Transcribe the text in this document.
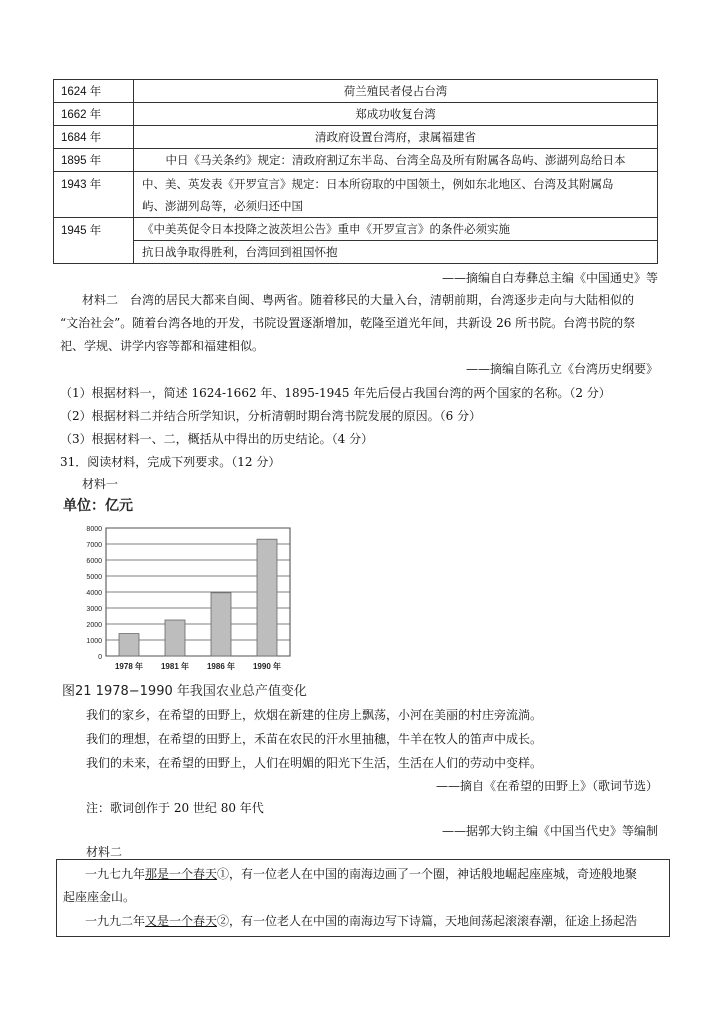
1624 年	荷兰殖民者侵占台湾
1662 年	郑成功收复台湾
1684 年	清政府设置台湾府，隶属福建省
1895 年	中日《马关条约》规定：清政府割辽东半岛、台湾全岛及所有附属各岛屿、澎湖列岛给日本
1943 年	中、美、英发表《开罗宣言》规定：日本所窃取的中国领土，例如东北地区、台湾及其附属岛
屿、澎湖列岛等，必须归还中国

1945 年	《中美英促令日本投降之波茨坦公告》重申《开罗宣言》的条件必须实施
	抗日战争取得胜利，台湾回到祖国怀抱
——摘编自白寿彝总主编《中国通史》等
材料二　台湾的居民大都来自闽、粤两省。随着移民的大量入台，清朝前期，台湾逐步走向与大陆相似的
“文治社会”。随着台湾各地的开发，书院设置逐渐增加，乾隆至道光年间，共新设 26 所书院。台湾书院的祭
祀、学规、讲学内容等都和福建相似。
——摘编自陈孔立《台湾历史纲要》
（1）根据材料一，简述 1624-1662 年、1895-1945 年先后侵占我国台湾的两个国家的名称。（2 分）
（2）根据材料二并结合所学知识，分析清朝时期台湾书院发展的原因。（6 分）
（3）根据材料一、二，概括从中得出的历史结论。（4 分）
31．阅读材料，完成下列要求。（12 分）
材料一
单位：亿元
0
1000
2000
3000
4000
5000
6000
7000
8000
1978 年 1981 年 1986 年 1990 年
图21 1978−1990 年我国农业总产值变化
我们的家乡，在希望的田野上，炊烟在新建的住房上飘荡，小河在美丽的村庄旁流淌。
我们的理想，在希望的田野上，禾苗在农民的汗水里抽穗，牛羊在牧人的笛声中成长。
我们的未来，在希望的田野上，人们在明媚的阳光下生活，生活在人们的劳动中变样。
——摘自《在希望的田野上》（歌词节选）
注：歌词创作于 20 世纪 80 年代
——据郭大钧主编《中国当代史》等编制
材料二
一九七九年那是一个春天①，有一位老人在中国的南海边画了一个圈，神话般地崛起座座城，奇迹般地聚
起座座金山。
一九九二年又是一个春天②，有一位老人在中国的南海边写下诗篇，天地间荡起滚滚春潮，征途上扬起浩
